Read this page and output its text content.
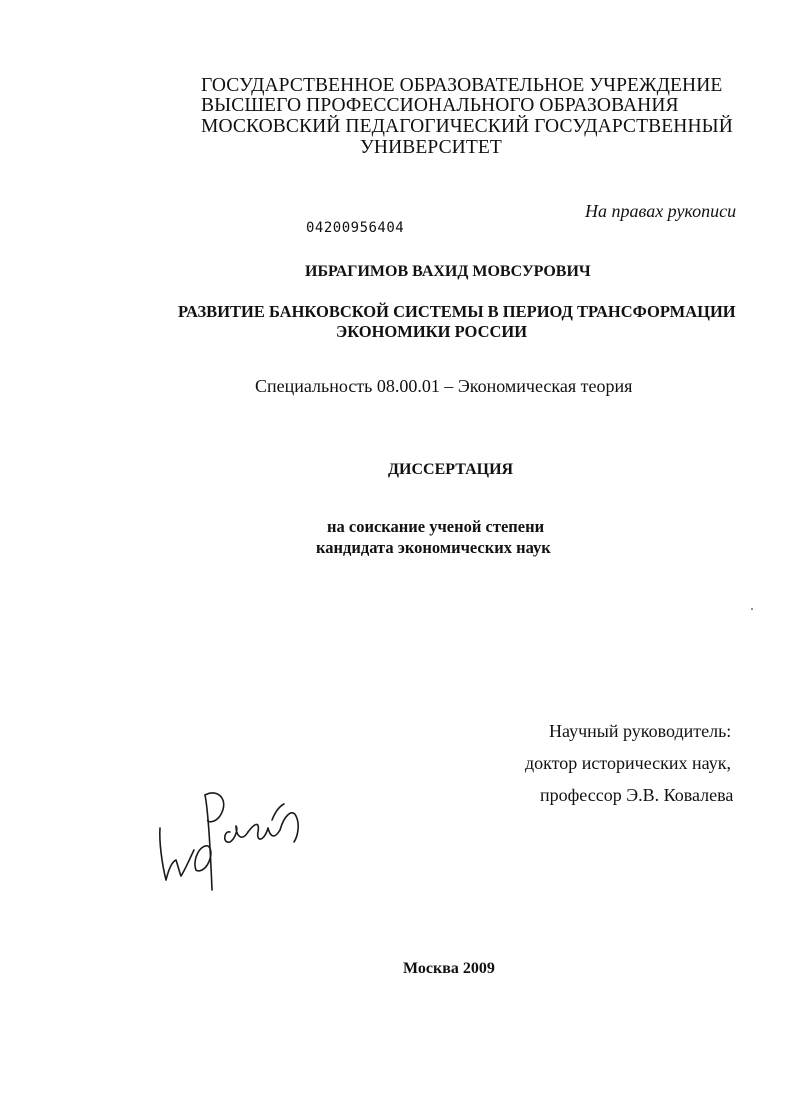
ГОСУДАРСТВЕННОЕ ОБРАЗОВАТЕЛЬНОЕ УЧРЕЖДЕНИЕ
ВЫСШЕГО ПРОФЕССИОНАЛЬНОГО ОБРАЗОВАНИЯ
МОСКОВСКИЙ ПЕДАГОГИЧЕСКИЙ ГОСУДАРСТВЕННЫЙ
УНИВЕРСИТЕТ
На правах рукописи
04200956404
ИБРАГИМОВ ВАХИД МОВСУРОВИЧ
РАЗВИТИЕ БАНКОВСКОЙ СИСТЕМЫ В ПЕРИОД ТРАНСФОРМАЦИИ
ЭКОНОМИКИ РОССИИ
Специальность 08.00.01 – Экономическая теория
ДИССЕРТАЦИЯ
на соискание ученой степени
кандидата экономических наук
Научный руководитель:
доктор исторических наук,
профессор Э.В. Ковалева
Москва 2009
